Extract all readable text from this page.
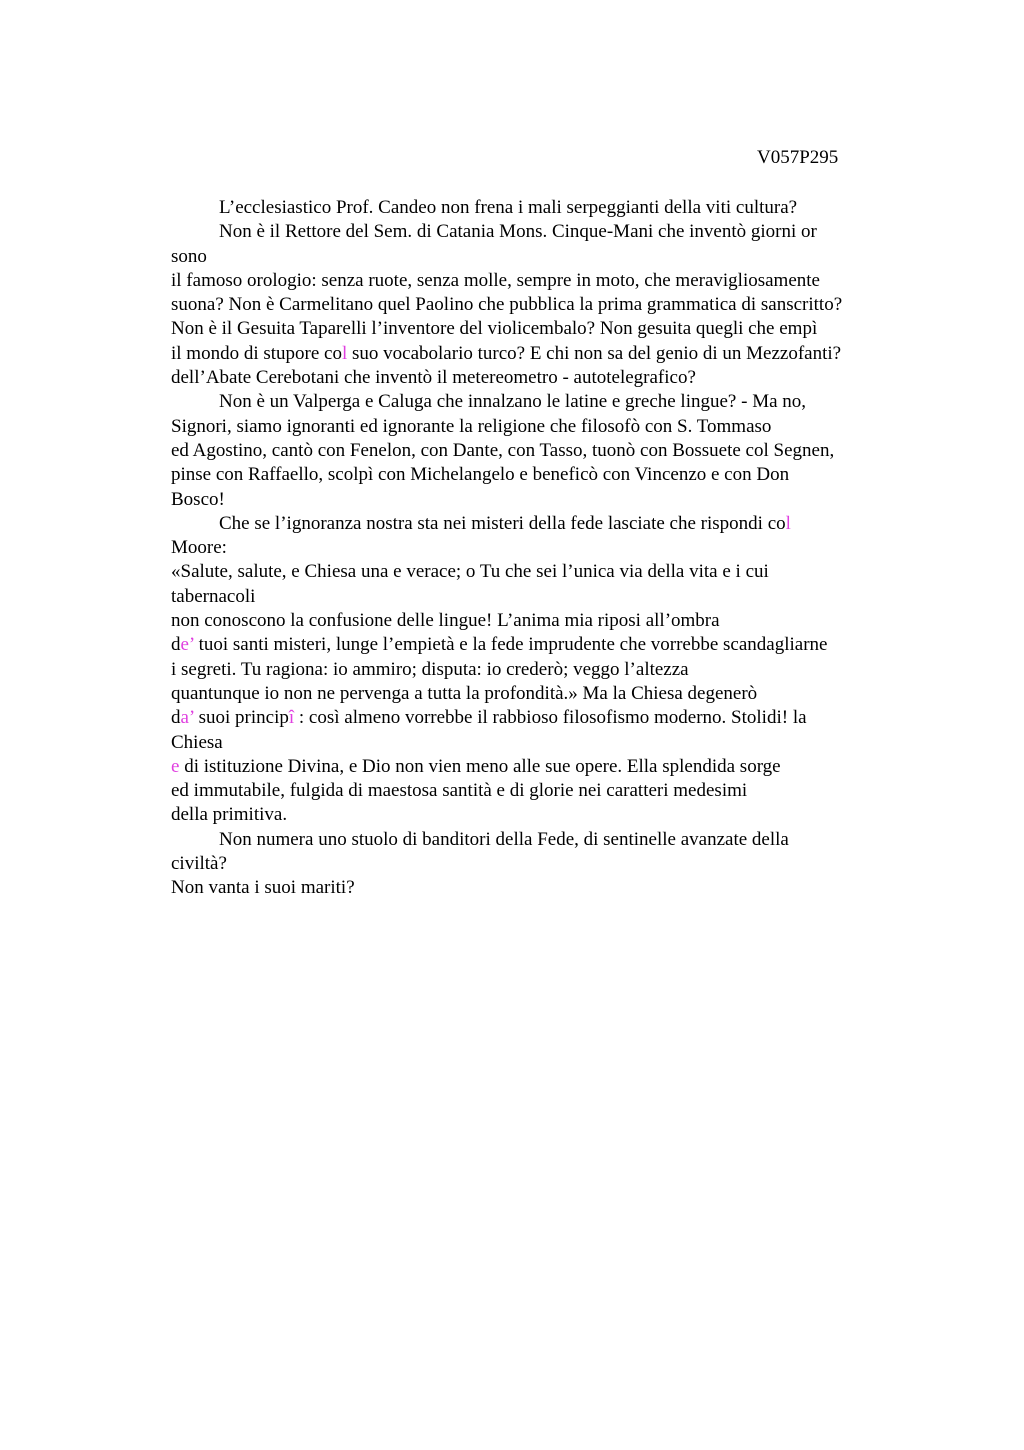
V057P295
L’ecclesiastico Prof. Candeo non frena i mali serpeggianti della viti cultura?
Non è il Rettore del Sem. di Catania Mons. Cinque-Mani che inventò giorni or
sono
il famoso orologio: senza ruote, senza molle, sempre in moto, che meravigliosamente
suona? Non è Carmelitano quel Paolino che pubblica la prima grammatica di sanscritto?
Non è il Gesuita Taparelli l’inventore del violicembalo? Non gesuita quegli che empì
il mondo di stupore col suo vocabolario turco? E chi non sa del genio di un Mezzofanti?
dell’Abate Cerebotani che inventò il metereometro - autotelegrafico?
Non è un Valperga e Caluga che innalzano le latine e greche lingue? - Ma no,
Signori, siamo ignoranti ed ignorante la religione che filosofò con S. Tommaso
ed Agostino, cantò con Fenelon, con Dante, con Tasso, tuonò con Bossuete col Segnen,
pinse con Raffaello, scolpì con Michelangelo e beneficò con Vincenzo e con Don
Bosco!
Che se l’ignoranza nostra sta nei misteri della fede lasciate che rispondi col
Moore:
«Salute, salute, e Chiesa una e verace; o Tu che sei l’unica via della vita e i cui
tabernacoli
non conoscono la confusione delle lingue! L’anima mia riposi all’ombra
de’ tuoi santi misteri, lunge l’empietà e la fede imprudente che vorrebbe scandagliarne
i segreti. Tu ragiona: io ammiro; disputa: io crederò; veggo l’altezza
quantunque io non ne pervenga a tutta la profondità.» Ma la Chiesa degenerò
da’ suoi principî : così almeno vorrebbe il rabbioso filosofismo moderno. Stolidi! la
Chiesa
e di istituzione Divina, e Dio non vien meno alle sue opere. Ella splendida sorge
ed immutabile, fulgida di maestosa santità e di glorie nei caratteri medesimi
della primitiva.
Non numera uno stuolo di banditori della Fede, di sentinelle avanzate della
civiltà?
Non vanta i suoi mariti?
